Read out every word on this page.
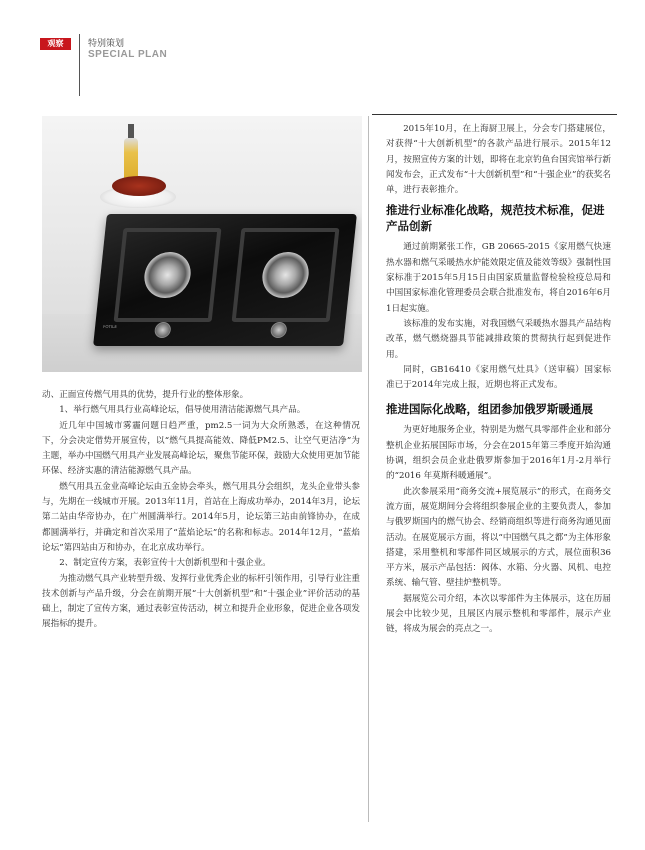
观察	特别策划
SPECIAL PLAN
FOTILE

动、正面宣传燃气用具的优势，提升行业的整体形象。

1、举行燃气用具行业高峰论坛，倡导使用清洁能源燃气具产品。

近几年中国城市雾霾问题日趋严重，pm2.5一词为大众所熟悉，在这种情况下，分会决定借势开展宣传，以“燃气具提高能效、降低PM2.5、让空气更洁净”为主题，举办中国燃气用具产业发展高峰论坛，聚焦节能环保，鼓励大众使用更加节能环保、经济实惠的清洁能源燃气具产品。

燃气用具五金业高峰论坛由五金协会牵头，燃气用具分会组织，龙头企业带头参与，先期在一线城市开展。2013年11月，首站在上海成功举办，2014年3月，论坛第二站由华帝协办，在广州圆满举行。2014年5月，论坛第三站由前锋协办，在成都圆满举行，并确定和首次采用了“蓝焰论坛”的名称和标志。2014年12月，“蓝焰论坛”第四站由万和协办，在北京成功举行。

2、制定宣传方案，表彰宣传十大创新机型和十强企业。

为推动燃气具产业转型升级、发挥行业优秀企业的标杆引领作用，引导行业注重技术创新与产品升级，分会在前期开展“十大创新机型”和“十强企业”评价活动的基础上，制定了宣传方案，通过表彰宣传活动，树立和提升企业形象，促进企业各项发展指标的提升。

2015年10月，在上海厨卫展上，分会专门搭建展位，对获得“十大创新机型”的各款产品进行展示。2015年12月，按照宣传方案的计划，即将在北京钓鱼台国宾馆举行新闻发布会，正式发布“十大创新机型”和“十强企业”的获奖名单，进行表彰推介。

推进行业标准化战略，规范技术标准，促进产品创新

通过前期紧张工作，GB 20665-2015《家用燃气快速热水器和燃气采暖热水炉能效限定值及能效等级》强制性国家标准于2015年5月15日由国家质量监督检验检疫总局和中国国家标准化管理委员会联合批准发布，将自2016年6月1日起实施。

该标准的发布实施，对我国燃气采暖热水器具产品结构改革，燃气燃烧器具节能减排政策的贯彻执行起到促进作用。

同时，GB16410《家用燃气灶具》（送审稿）国家标准已于2014年完成上报，近期也将正式发布。

推进国际化战略，组团参加俄罗斯暖通展

为更好地服务企业，特别是为燃气具零部件企业和部分整机企业拓展国际市场，分会在2015年第三季度开始沟通协调，组织会员企业赴俄罗斯参加于2016年1月-2月举行的“2016 年莫斯科暖通展”。

此次参展采用“商务交流+展览展示”的形式，在商务交流方面，展览期间分会将组织参展企业的主要负责人，参加与俄罗斯国内的燃气协会、经销商组织等进行商务沟通见面活动。在展览展示方面，将以“中国燃气具之都”为主体形象搭建，采用整机和零部件同区域展示的方式，展位面积36平方米，展示产品包括：阀体、水箱、分火器、风机、电控系统、输气管、壁挂炉整机等。

据展览公司介绍，本次以零部件为主体展示，这在历届展会中比较少见，且展区内展示整机和零部件，展示产业链，将成为展会的亮点之一。
